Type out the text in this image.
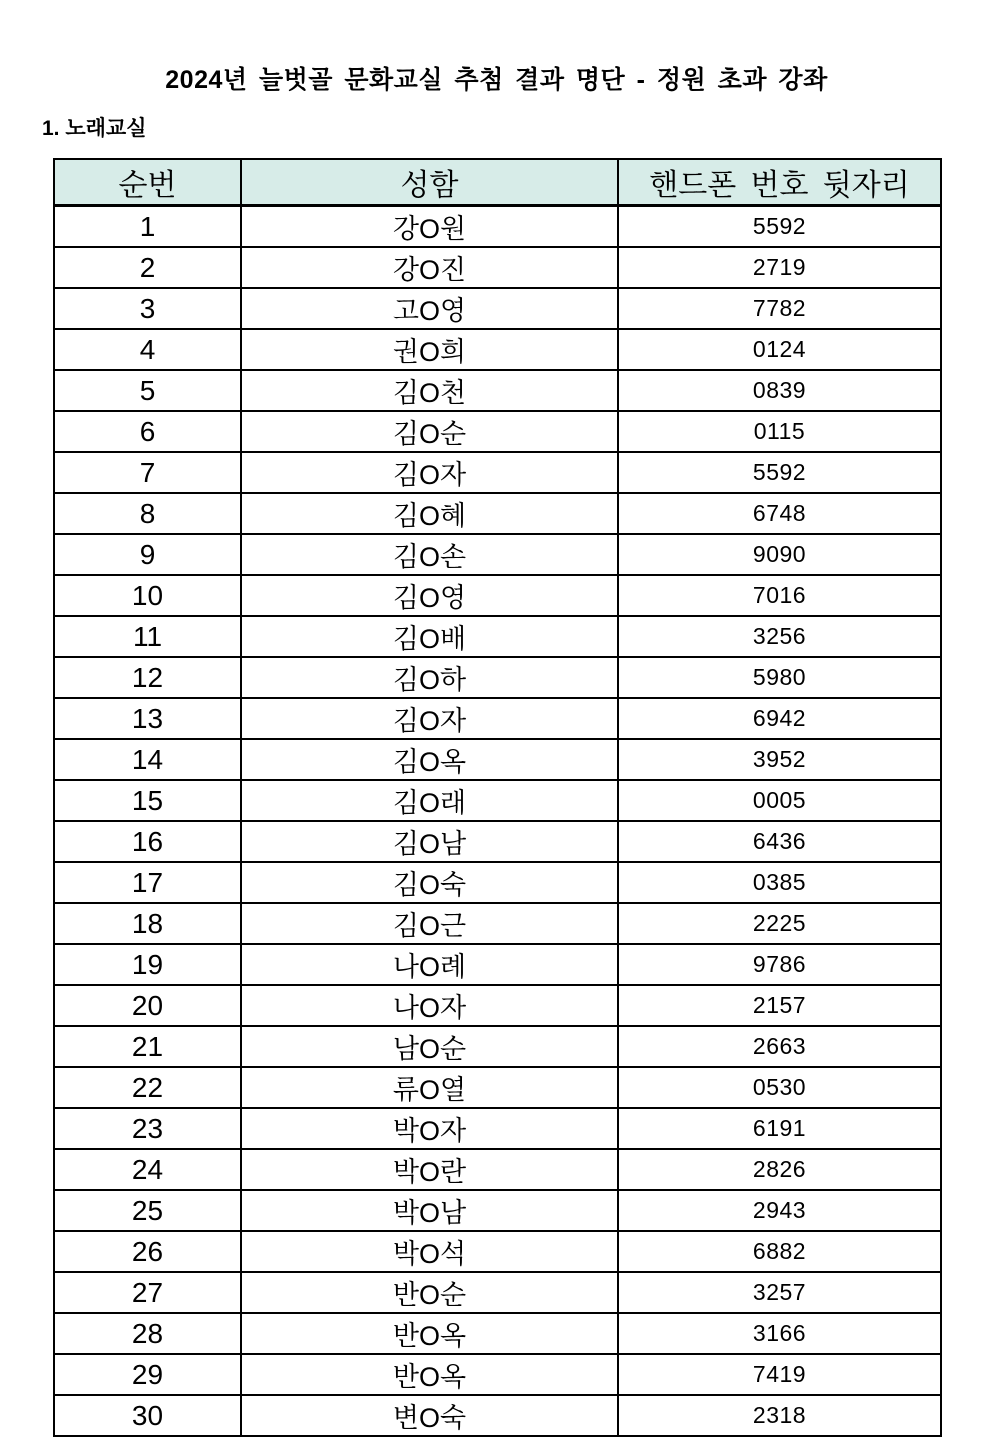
2024년 늘벗골 문화교실 추첨 결과 명단 - 정원 초과 강좌
1. 노래교실
순번	성함	핸드폰 번호 뒷자리
1	강O원	5592
2	강O진	2719
3	고O영	7782
4	권O희	0124
5	김O천	0839
6	김O순	0115
7	김O자	5592
8	김O혜	6748
9	김O손	9090
10	김O영	7016
11	김O배	3256
12	김O하	5980
13	김O자	6942
14	김O옥	3952
15	김O래	0005
16	김O남	6436
17	김O숙	0385
18	김O근	2225
19	나O례	9786
20	나O자	2157
21	남O순	2663
22	류O열	0530
23	박O자	6191
24	박O란	2826
25	박O남	2943
26	박O석	6882
27	반O순	3257
28	반O옥	3166
29	반O옥	7419
30	변O숙	2318
